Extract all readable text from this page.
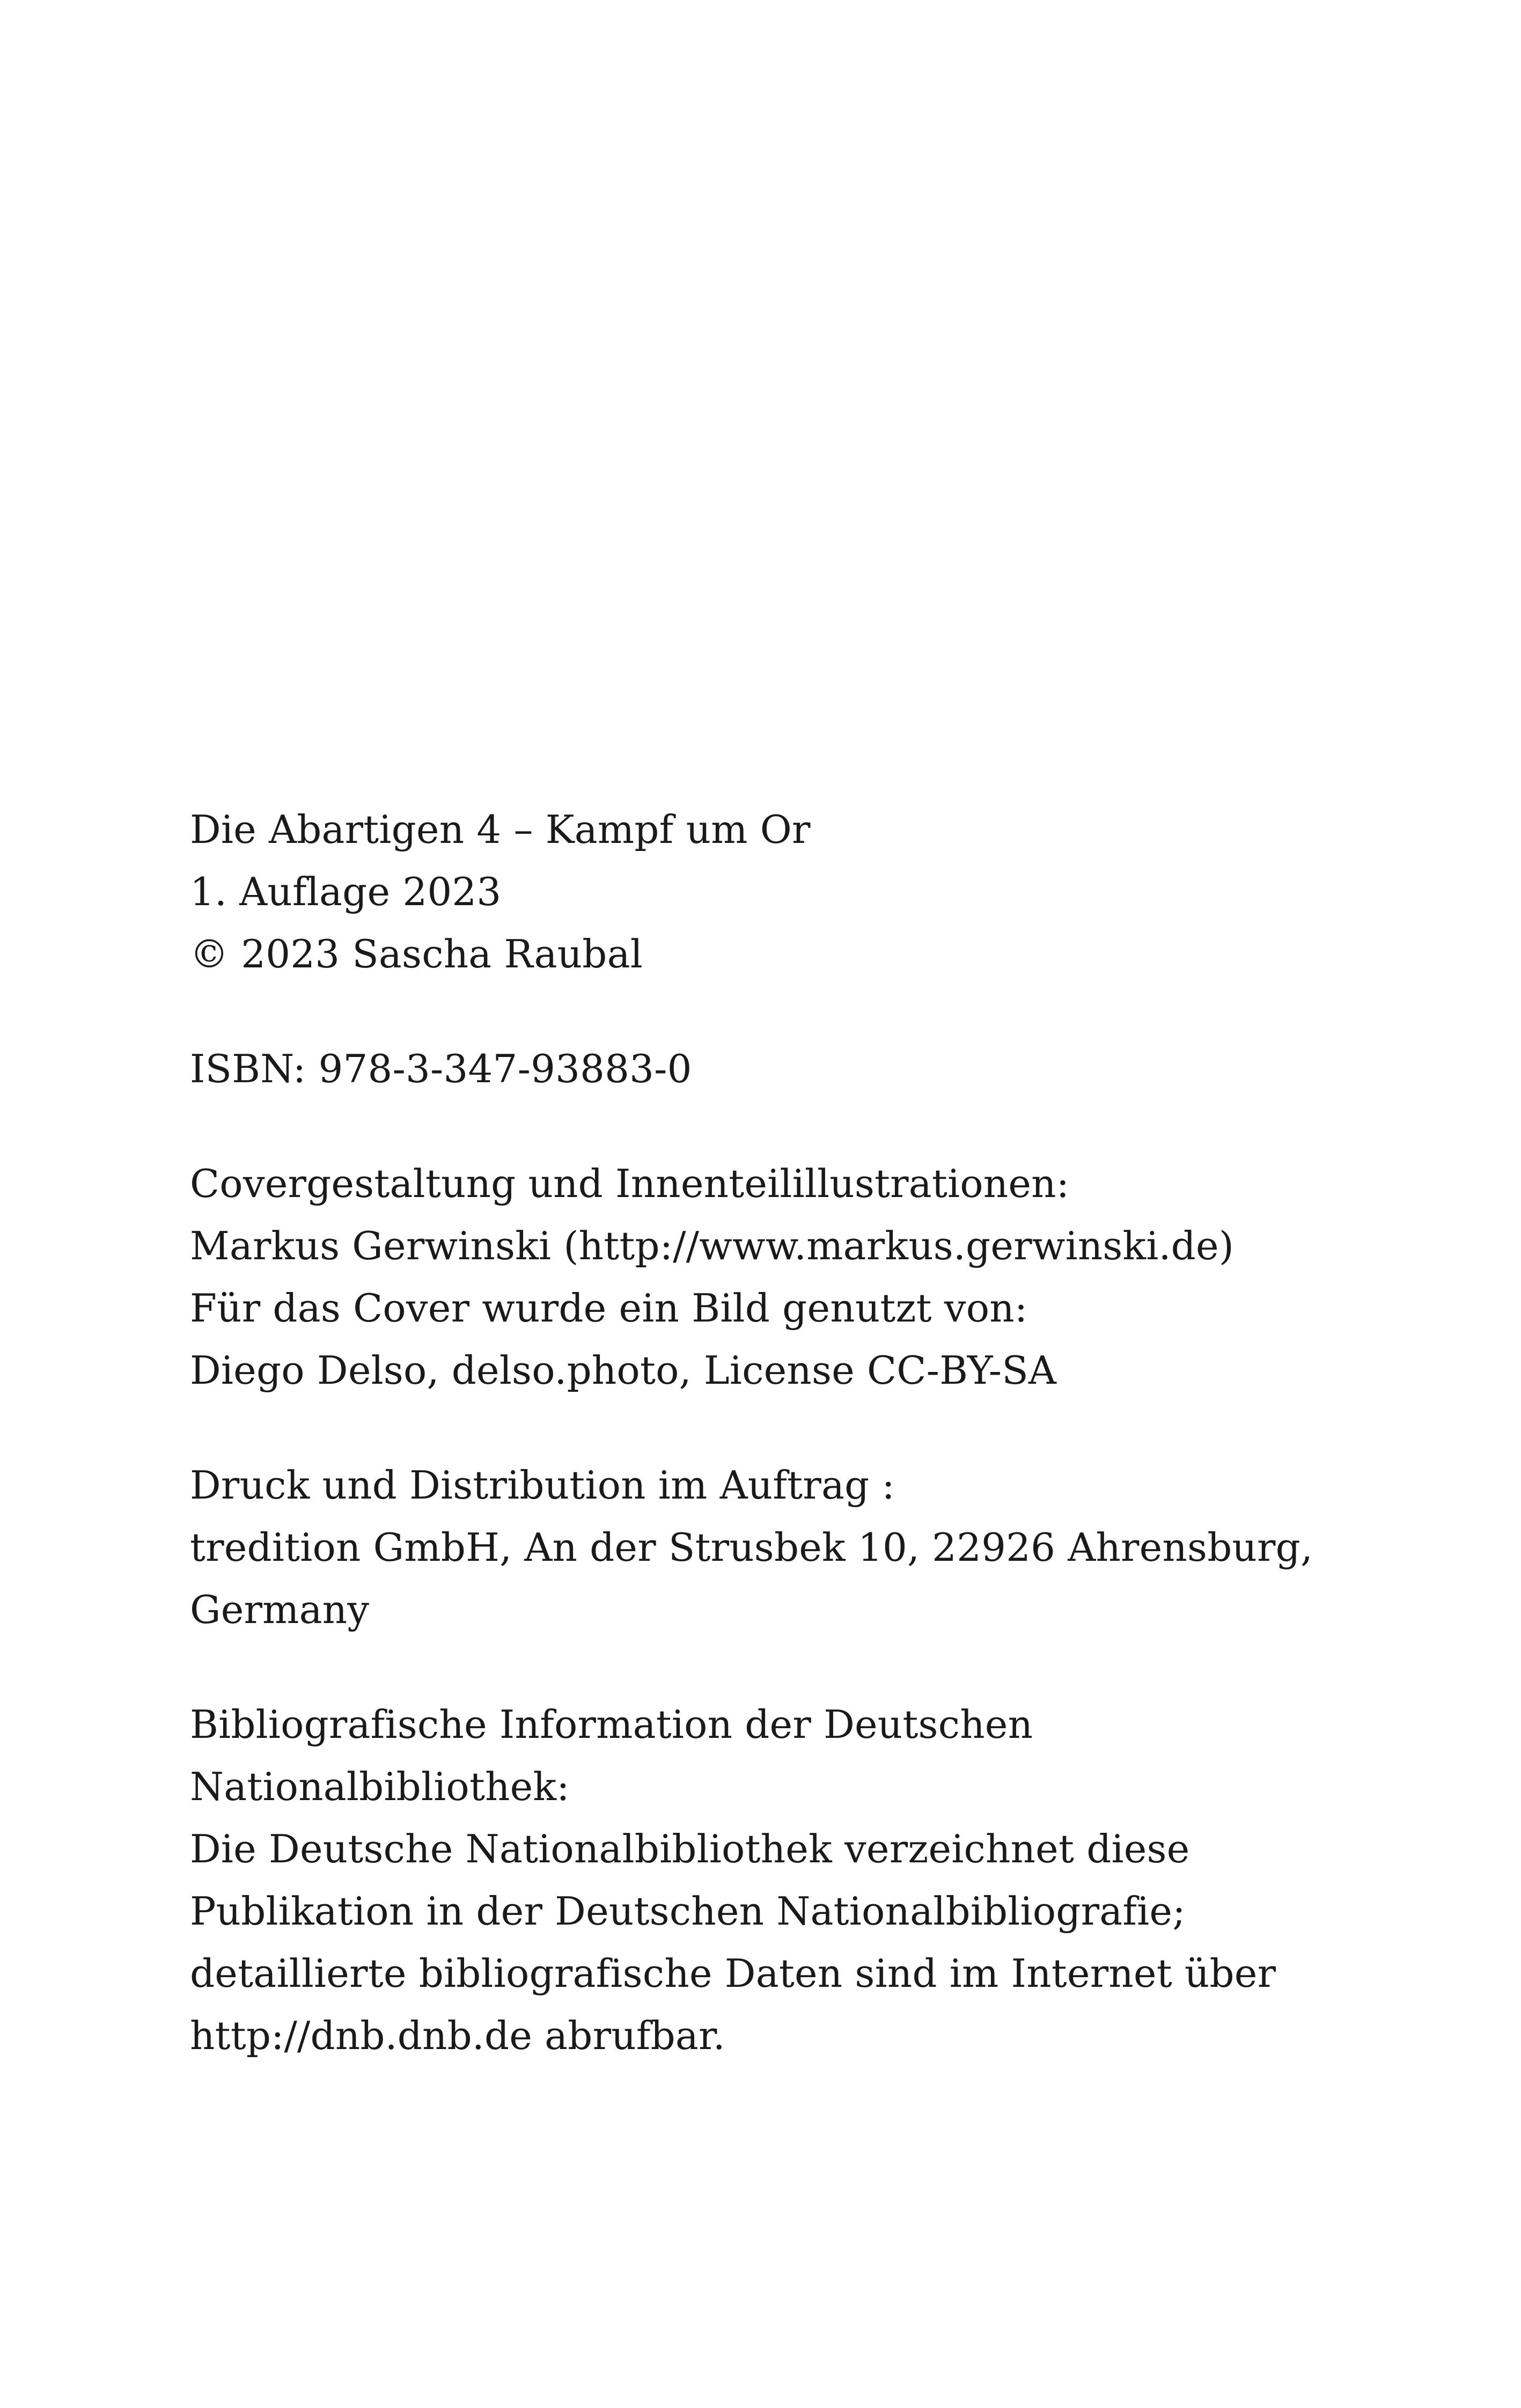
Die Abartigen 4 – Kampf um Or
1. Auflage 2023
© 2023 Sascha Raubal

ISBN: 978-3-347-93883-0

Covergestaltung und Innenteilillustrationen:
Markus Gerwinski (http://www.markus.gerwinski.de)
Für das Cover wurde ein Bild genutzt von:
Diego Delso, delso.photo, License CC-BY-SA

Druck und Distribution im Auftrag :
tredition GmbH, An der Strusbek 10, 22926 Ahrensburg,
Germany

Bibliografische Information der Deutschen
Nationalbibliothek:
Die Deutsche Nationalbibliothek verzeichnet diese
Publikation in der Deutschen Nationalbibliografie;
detaillierte bibliografische Daten sind im Internet über
http://dnb.dnb.de abrufbar.
